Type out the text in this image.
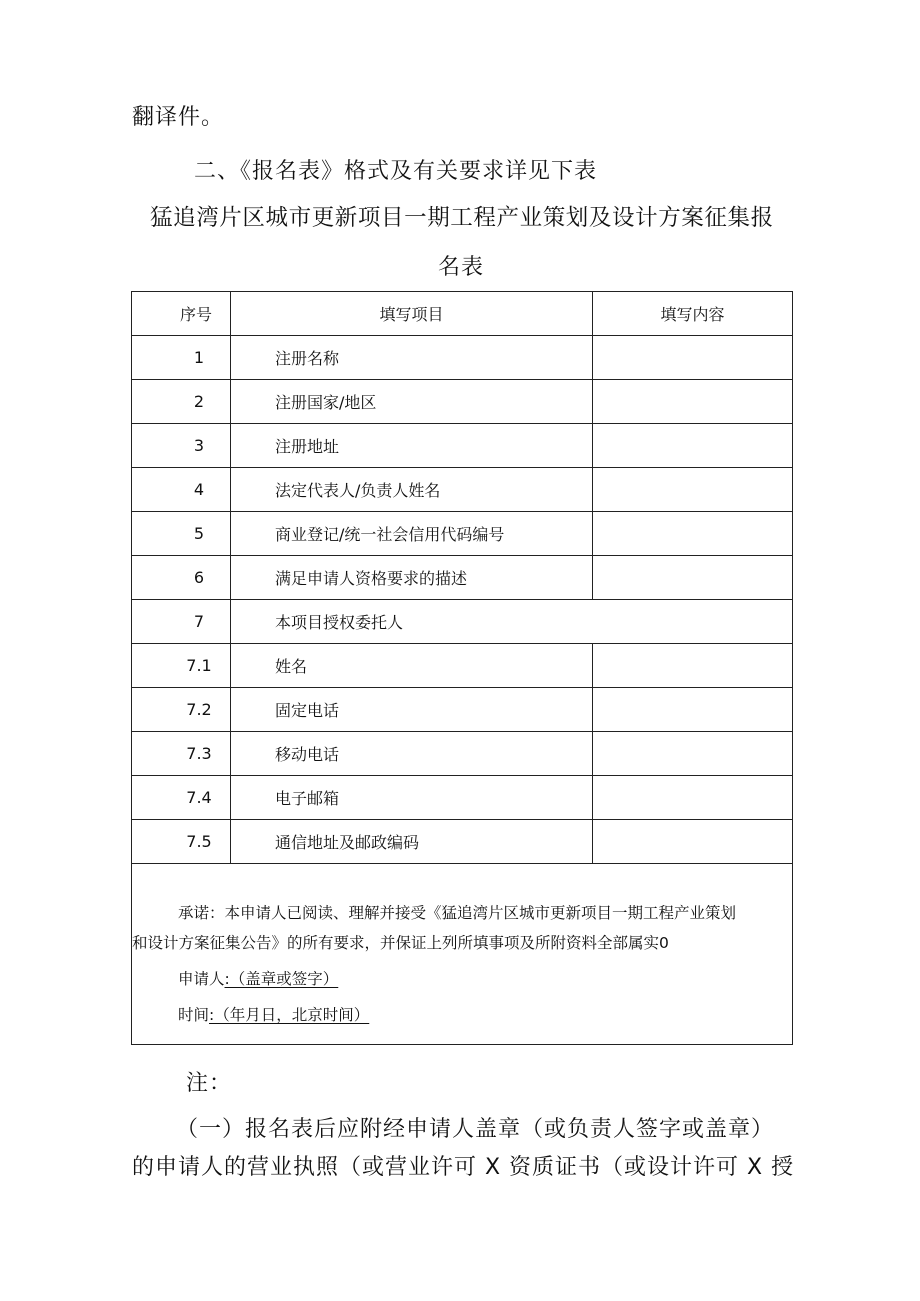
翻译件。

二、《报名表》格式及有关要求详见下表

猛追湾片区城市更新项目一期工程产业策划及设计方案征集报

名表

序号	填写项目	填写内容
1	注册名称	
2	注册国家/地区	
3	注册地址	
4	法定代表人/负责人姓名	
5	商业登记/统一社会信用代码编号	
6	满足申请人资格要求的描述	
7	本项目授权委托人	
7.1	姓名	
7.2	固定电话	
7.3	移动电话	
7.4	电子邮箱	
7.5	通信地址及邮政编码	

承诺：本申请人已阅读、理解并接受《猛追湾片区城市更新项目一期工程产业策划
和设计方案征集公告》的所有要求，并保证上列所填事项及所附资料全部属实0
申请人:（盖章或签字）
时间:（年月日，北京时间）		

注：

（一）报名表后应附经申请人盖章（或负责人签字或盖章）

的申请人的营业执照（或营业许可 X 资质证书（或设计许可 X 授
